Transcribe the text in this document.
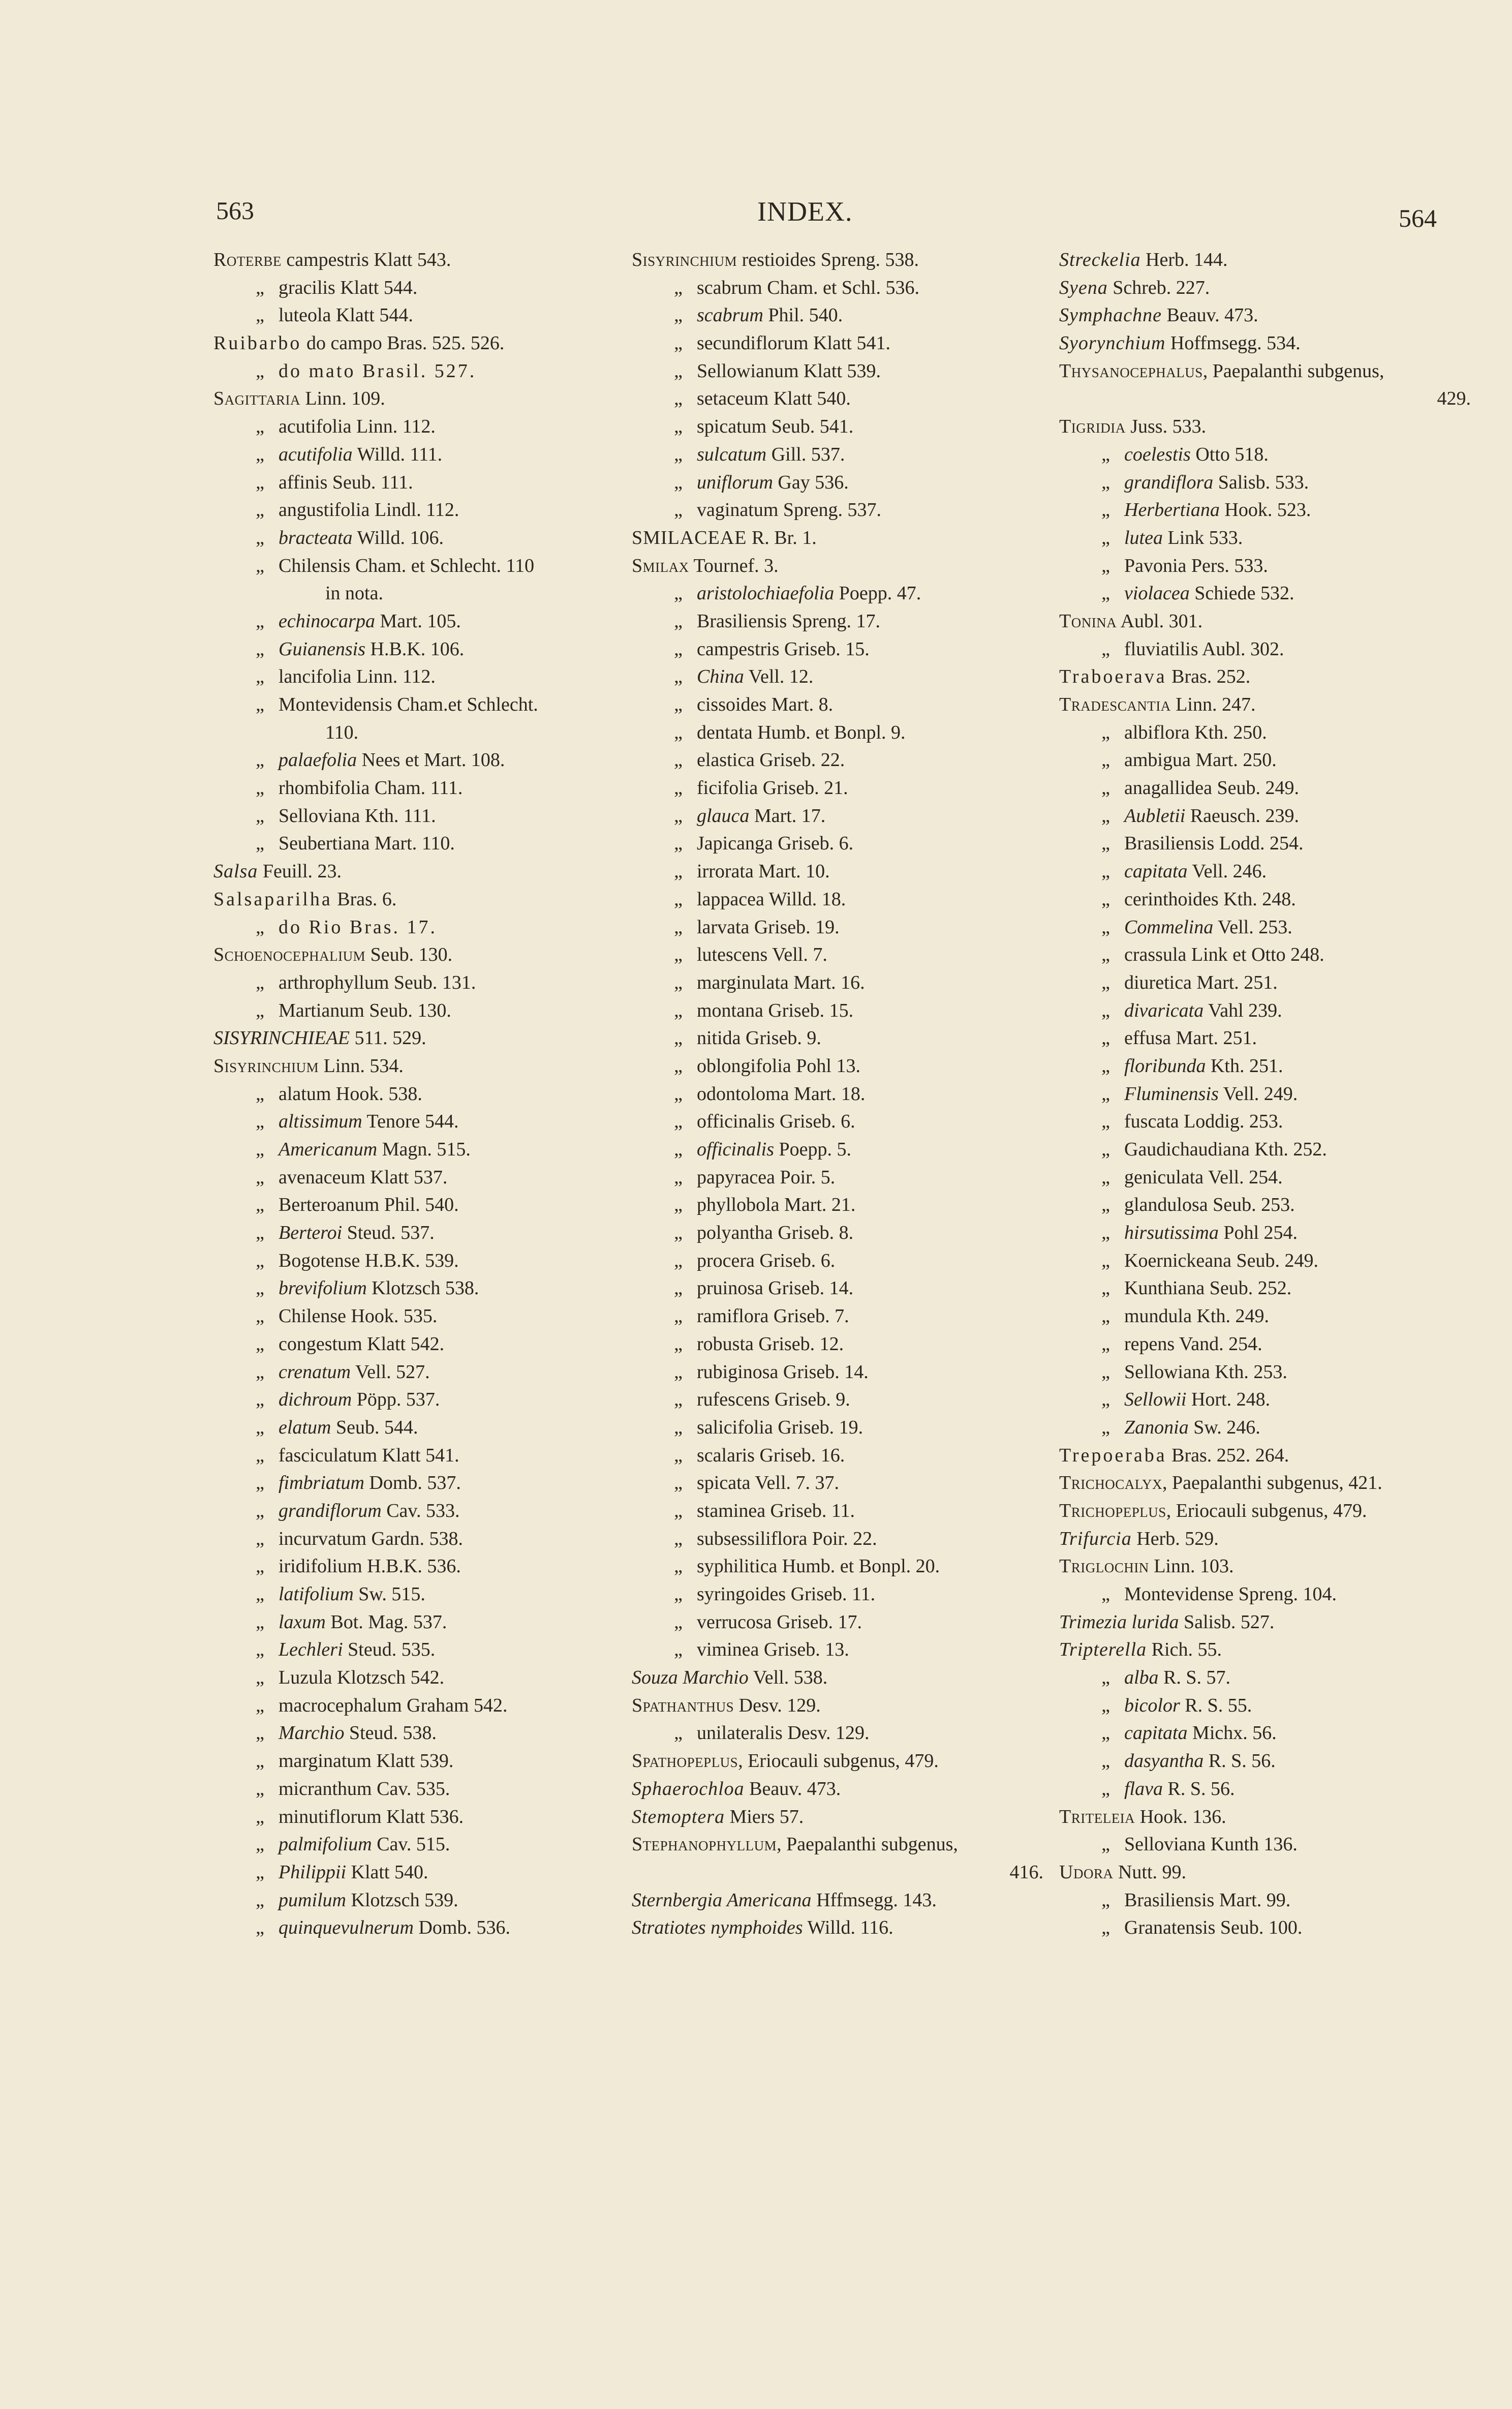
563	INDEX.	564
Roterbe campestris Klatt 543.
„ gracilis Klatt 544.
„ luteola Klatt 544.
Ruibarbo do campo Bras. 525. 526.
„ do mato Brasil. 527.
Sagittaria Linn. 109.
„ acutifolia Linn. 112.
„ acutifolia Willd. 111.
„ affinis Seub. 111.
„ angustifolia Lindl. 112.
„ bracteata Willd. 106.
„ Chilensis Cham. et Schlecht. 110
in nota.
„ echinocarpa Mart. 105.
„ Guianensis H.B.K. 106.
„ lancifolia Linn. 112.
„ Montevidensis Cham.et Schlecht.
110.
„ palaefolia Nees et Mart. 108.
„ rhombifolia Cham. 111.
„ Selloviana Kth. 111.
„ Seubertiana Mart. 110.
Salsa Feuill. 23.
Salsaparilha Bras. 6.
„ do Rio Bras. 17.
Schoenocephalium Seub. 130.
„ arthrophyllum Seub. 131.
„ Martianum Seub. 130.
SISYRINCHIEAE 511. 529.
Sisyrinchium Linn. 534.
„ alatum Hook. 538.
„ altissimum Tenore 544.
„ Americanum Magn. 515.
„ avenaceum Klatt 537.
„ Berteroanum Phil. 540.
„ Berteroi Steud. 537.
„ Bogotense H.B.K. 539.
„ brevifolium Klotzsch 538.
„ Chilense Hook. 535.
„ congestum Klatt 542.
„ crenatum Vell. 527.
„ dichroum Pöpp. 537.
„ elatum Seub. 544.
„ fasciculatum Klatt 541.
„ fimbriatum Domb. 537.
„ grandiflorum Cav. 533.
„ incurvatum Gardn. 538.
„ iridifolium H.B.K. 536.
„ latifolium Sw. 515.
„ laxum Bot. Mag. 537.
„ Lechleri Steud. 535.
„ Luzula Klotzsch 542.
„ macrocephalum Graham 542.
„ Marchio Steud. 538.
„ marginatum Klatt 539.
„ micranthum Cav. 535.
„ minutiflorum Klatt 536.
„ palmifolium Cav. 515.
„ Philippii Klatt 540.
„ pumilum Klotzsch 539.
„ quinquevulnerum Domb. 536.
Sisyrinchium restioides Spreng. 538.
„ scabrum Cham. et Schl. 536.
„ scabrum Phil. 540.
„ secundiflorum Klatt 541.
„ Sellowianum Klatt 539.
„ setaceum Klatt 540.
„ spicatum Seub. 541.
„ sulcatum Gill. 537.
„ uniflorum Gay 536.
„ vaginatum Spreng. 537.
SMILACEAE R. Br. 1.
Smilax Tournef. 3.
„ aristolochiaefolia Poepp. 47.
„ Brasiliensis Spreng. 17.
„ campestris Griseb. 15.
„ China Vell. 12.
„ cissoides Mart. 8.
„ dentata Humb. et Bonpl. 9.
„ elastica Griseb. 22.
„ ficifolia Griseb. 21.
„ glauca Mart. 17.
„ Japicanga Griseb. 6.
„ irrorata Mart. 10.
„ lappacea Willd. 18.
„ larvata Griseb. 19.
„ lutescens Vell. 7.
„ marginulata Mart. 16.
„ montana Griseb. 15.
„ nitida Griseb. 9.
„ oblongifolia Pohl 13.
„ odontoloma Mart. 18.
„ officinalis Griseb. 6.
„ officinalis Poepp. 5.
„ papyracea Poir. 5.
„ phyllobola Mart. 21.
„ polyantha Griseb. 8.
„ procera Griseb. 6.
„ pruinosa Griseb. 14.
„ ramiflora Griseb. 7.
„ robusta Griseb. 12.
„ rubiginosa Griseb. 14.
„ rufescens Griseb. 9.
„ salicifolia Griseb. 19.
„ scalaris Griseb. 16.
„ spicata Vell. 7. 37.
„ staminea Griseb. 11.
„ subsessiliflora Poir. 22.
„ syphilitica Humb. et Bonpl. 20.
„ syringoides Griseb. 11.
„ verrucosa Griseb. 17.
„ viminea Griseb. 13.
Souza Marchio Vell. 538.
Spathanthus Desv. 129.
„ unilateralis Desv. 129.
Spathopeplus, Eriocauli subgenus, 479.
Sphaerochloa Beauv. 473.
Stemoptera Miers 57.
Stephanophyllum, Paepalanthi subgenus,
416.
Sternbergia Americana Hffmsegg. 143.
Stratiotes nymphoides Willd. 116.
Streckelia Herb. 144.
Syena Schreb. 227.
Symphachne Beauv. 473.
Syorynchium Hoffmsegg. 534.
Thysanocephalus, Paepalanthi subgenus,
429.
Tigridia Juss. 533.
„ coelestis Otto 518.
„ grandiflora Salisb. 533.
„ Herbertiana Hook. 523.
„ lutea Link 533.
„ Pavonia Pers. 533.
„ violacea Schiede 532.
Tonina Aubl. 301.
„ fluviatilis Aubl. 302.
Traboerava Bras. 252.
Tradescantia Linn. 247.
„ albiflora Kth. 250.
„ ambigua Mart. 250.
„ anagallidea Seub. 249.
„ Aubletii Raeusch. 239.
„ Brasiliensis Lodd. 254.
„ capitata Vell. 246.
„ cerinthoides Kth. 248.
„ Commelina Vell. 253.
„ crassula Link et Otto 248.
„ diuretica Mart. 251.
„ divaricata Vahl 239.
„ effusa Mart. 251.
„ floribunda Kth. 251.
„ Fluminensis Vell. 249.
„ fuscata Loddig. 253.
„ Gaudichaudiana Kth. 252.
„ geniculata Vell. 254.
„ glandulosa Seub. 253.
„ hirsutissima Pohl 254.
„ Koernickeana Seub. 249.
„ Kunthiana Seub. 252.
„ mundula Kth. 249.
„ repens Vand. 254.
„ Sellowiana Kth. 253.
„ Sellowii Hort. 248.
„ Zanonia Sw. 246.
Trepoeraba Bras. 252. 264.
Trichocalyx, Paepalanthi subgenus, 421.
Trichopeplus, Eriocauli subgenus, 479.
Trifurcia Herb. 529.
Triglochin Linn. 103.
„ Montevidense Spreng. 104.
Trimezia lurida Salisb. 527.
Tripterella Rich. 55.
„ alba R. S. 57.
„ bicolor R. S. 55.
„ capitata Michx. 56.
„ dasyantha R. S. 56.
„ flava R. S. 56.
Triteleia Hook. 136.
„ Selloviana Kunth 136.
Udora Nutt. 99.
„ Brasiliensis Mart. 99.
„ Granatensis Seub. 100.
